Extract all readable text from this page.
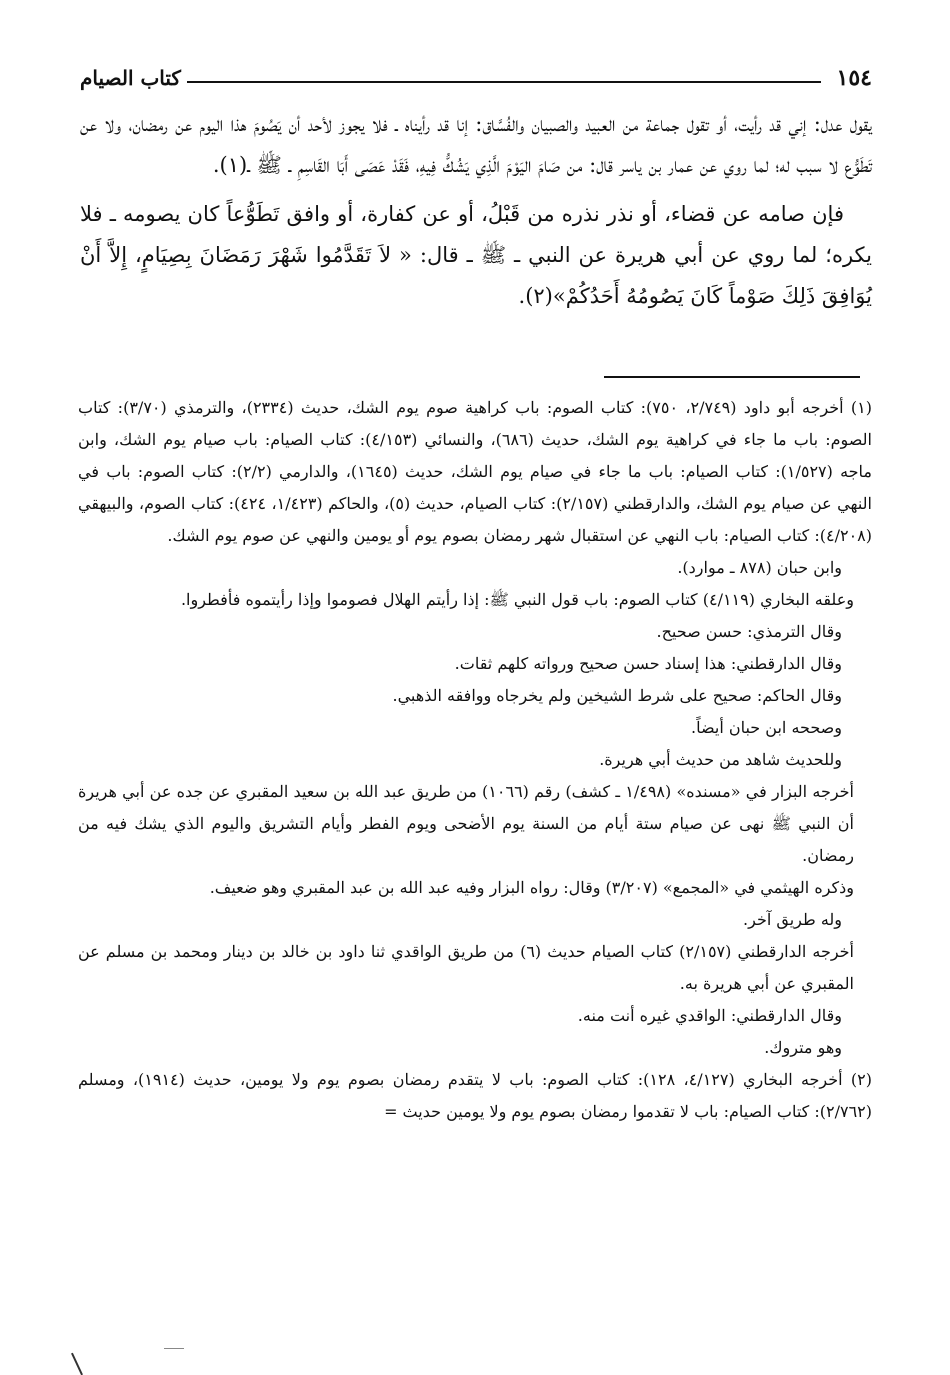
١٥٤
كتاب الصيام

يقول عدل: إني قد رأيت، أو تقول جماعة من العبيد والصبيان والفُسَّاق: إنا قد رأيناه ـ فلا يجوز لأحد أن يَصُومَ هذا اليوم عن رمضان، ولا عن تَطَوُّع لا سبب له؛ لما روي عن عمار بن ياسر قال: من صَامَ اليَوْمَ الَّذِي يَشُكُّ فِيهِ، فَقَدْ عَصَى أَبَا القَاسِمِ ـ ﷺ ـ(١).

فإن صامه عن قضاء، أو نذر نذره من قَبْلُ، أو عن كفارة، أو وافق تَطَوُّعاً كان يصومه ـ فلا يكره؛ لما روي عن أبي هريرة عن النبي ـ ﷺ ـ قال: « لاَ تَقَدَّمُوا شَهْرَ رَمَضَانَ بِصِيَامٍ، إِلاَّ أَنْ يُوَافِقَ ذَلِكَ صَوْماً كَانَ يَصُومُهُ أَحَدُكُمْ»(٢).

(١) أخرجه أبو داود (٢/٧٤٩، ٧٥٠): كتاب الصوم: باب كراهية صوم يوم الشك، حديث (٢٣٣٤)، والترمذي (٣/٧٠): كتاب الصوم: باب ما جاء في كراهية يوم الشك، حديث (٦٨٦)، والنسائي (٤/١٥٣): كتاب الصيام: باب صيام يوم الشك، وابن ماجه (١/٥٢٧): كتاب الصيام: باب ما جاء في صيام يوم الشك، حديث (١٦٤٥)، والدارمي (٢/٢): كتاب الصوم: باب في النهي عن صيام يوم الشك، والدارقطني (٢/١٥٧): كتاب الصيام، حديث (٥)، والحاكم (١/٤٢٣، ٤٢٤): كتاب الصوم، والبيهقي (٤/٢٠٨): كتاب الصيام: باب النهي عن استقبال شهر رمضان بصوم يوم أو يومين والنهي عن صوم يوم الشك.

وابن حبان (٨٧٨ ـ موارد).

وعلقه البخاري (٤/١١٩) كتاب الصوم: باب قول النبي ﷺ: إذا رأيتم الهلال فصوموا وإذا رأيتموه فأفطروا.

وقال الترمذي: حسن صحيح.

وقال الدارقطني: هذا إسناد حسن صحيح ورواته كلهم ثقات.

وقال الحاكم: صحيح على شرط الشيخين ولم يخرجاه ووافقه الذهبي.

وصححه ابن حبان أيضاً.

وللحديث شاهد من حديث أبي هريرة.

أخرجه البزار في «مسنده» (١/٤٩٨ ـ كشف) رقم (١٠٦٦) من طريق عبد الله بن سعيد المقبري عن جده عن أبي هريرة أن النبي ﷺ نهى عن صيام ستة أيام من السنة يوم الأضحى ويوم الفطر وأيام التشريق واليوم الذي يشك فيه من رمضان.

وذكره الهيثمي في «المجمع» (٣/٢٠٧) وقال: رواه البزار وفيه عبد الله بن عبد المقبري وهو ضعيف.

وله طريق آخر.

أخرجه الدارقطني (٢/١٥٧) كتاب الصيام حديث (٦) من طريق الواقدي ثنا داود بن خالد بن دينار ومحمد بن مسلم عن المقبري عن أبي هريرة به.

وقال الدارقطني: الواقدي غيره أنت منه.

وهو متروك.

(٢) أخرجه البخاري (٤/١٢٧، ١٢٨): كتاب الصوم: باب لا يتقدم رمضان بصوم يوم ولا يومين، حديث (١٩١٤)، ومسلم (٢/٧٦٢): كتاب الصيام: باب لا تقدموا رمضان بصوم يوم ولا يومين حديث =
